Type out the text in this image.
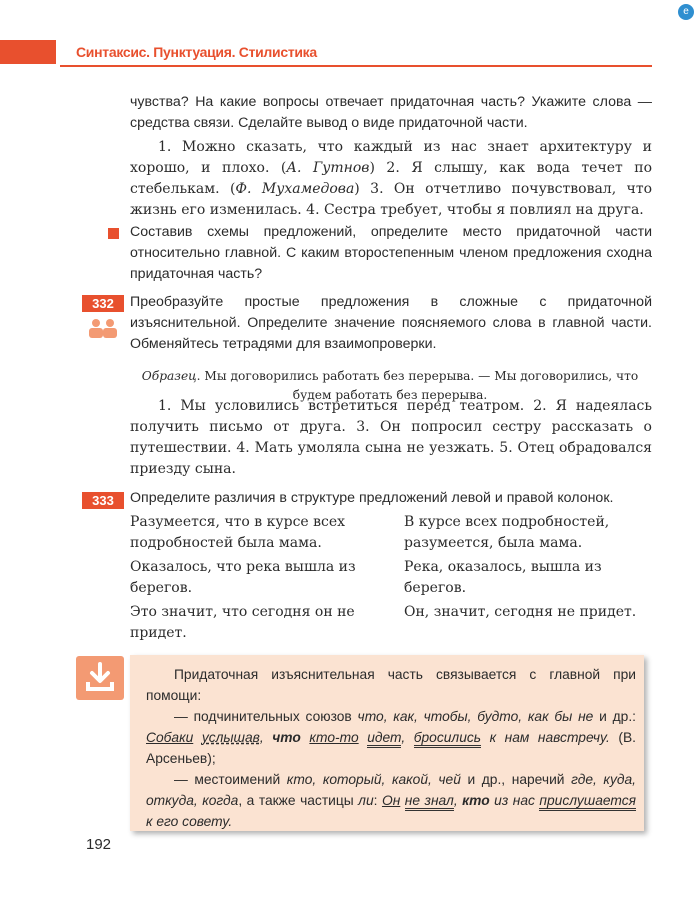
e
Синтаксис. Пунктуация. Стилистика

чувства? На какие вопросы отвечает придаточная часть? Укажите слова —
средства связи. Сделайте вывод о виде придаточной части.

1. Можно сказать, что каждый из нас знает архитектуру и хорошо, и плохо. (А. Гутнов) 2. Я слышу, как вода течет по стебелькам. (Ф. Мухамедова) 3. Он отчетливо почувствовал, что жизнь его изменилась. 4. Сестра требует, чтобы я повлиял на друга.

Составив схемы предложений, определите место придаточной части относительно главной. С каким второстепенным членом предложения сходна придаточная часть?

332	Преобразуйте простые предложения в сложные с придаточной изъяснительной. Определите значение поясняемого слова в главной части. Обменяйтесь тетрадями для взаимопроверки.

Образец. Мы договорились работать без перерыва. — Мы договорились, что будем работать без перерыва.

1. Мы условились встретиться перед театром. 2. Я надеялась получить письмо от друга. 3. Он попросил сестру рассказать о путешествии. 4. Мать умоляла сына не уезжать. 5. Отец обрадовался приезду сына.

333	Определите различия в структуре предложений левой и правой колонок.

Разумеется, что в курсе всех подробностей была мама.
Оказалось, что река вышла из берегов.
Это значит, что сегодня он не придет.
В курсе всех подробностей, разумеется, была мама.
Река, оказалось, вышла из берегов.
Он, значит, сегодня не придет.

Придаточная изъяснительная часть связывается с главной при помощи:

— подчинительных союзов что, как, чтобы, будто, как бы не и др.: Собаки услышав, что кто-то идет, бросились к нам навстречу. (В. Арсеньев);

— местоимений кто, который, какой, чей и др., наречий где, куда, откуда, когда, а также частицы ли: Он не знал, кто из нас прислушается к его совету.

192
